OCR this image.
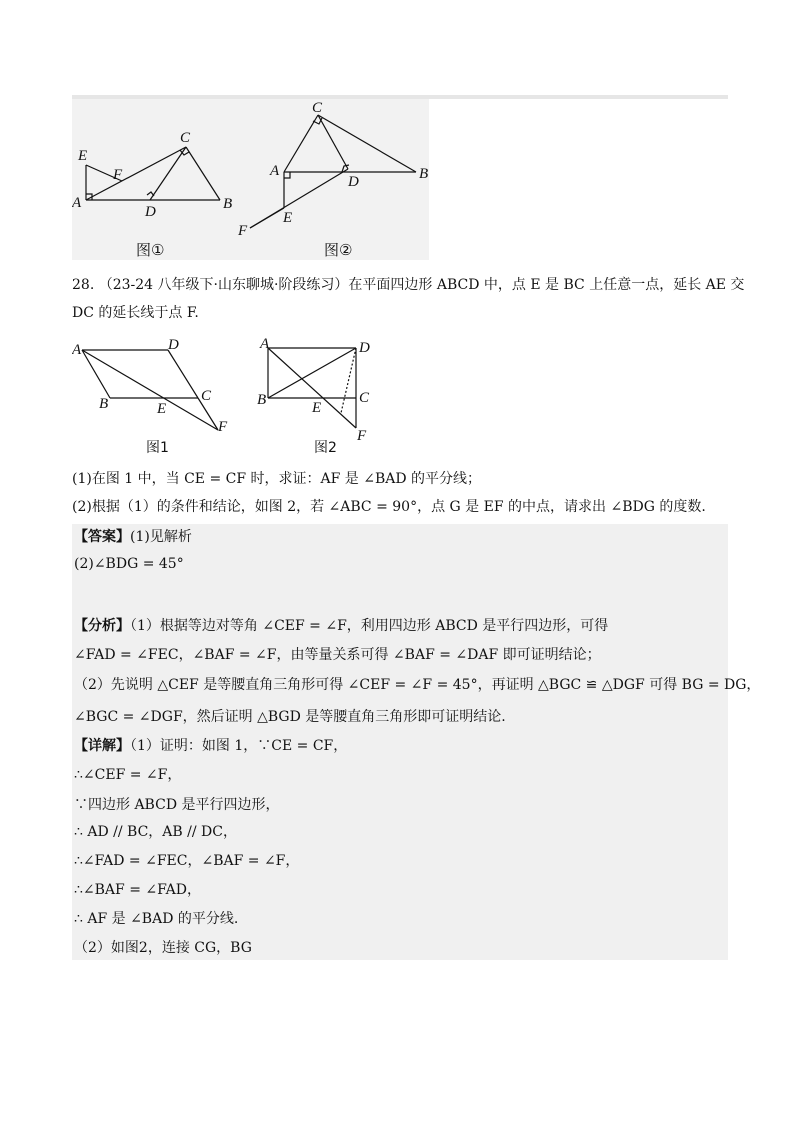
E
F
C
A
D	B
C
A
D	B
E
F
图①	图②
28. （23-24 八年级下·山东聊城·阶段练习）在平面四边形 ABCD 中，点 E 是 BC 上任意一点，延长 AE 交
DC 的延长线于点 F.
A	D
B	E
C
F
A	D
B	E
C
F
图1	图2
(1)在图 1 中，当 CE = CF 时，求证：AF 是 ∠BAD 的平分线；
(2)根据（1）的条件和结论，如图 2，若 ∠ABC = 90°，点 G 是 EF 的中点，请求出 ∠BDG 的度数.
【答案】(1)见解析
(2)∠BDG = 45°
【分析】（1）根据等边对等角 ∠CEF = ∠F，利用四边形 ABCD 是平行四边形，可得
∠FAD = ∠FEC，∠BAF = ∠F，由等量关系可得 ∠BAF = ∠DAF 即可证明结论；
（2）先说明 △CEF 是等腰直角三角形可得 ∠CEF = ∠F = 45°，再证明 △BGC ≌ △DGF 可得 BG = DG，
∠BGC = ∠DGF，然后证明 △BGD 是等腰直角三角形即可证明结论.
【详解】（1）证明：如图 1，∵CE = CF，
∴∠CEF = ∠F，
∵四边形 ABCD 是平行四边形，
∴ AD // BC，AB // DC，
∴∠FAD = ∠FEC，∠BAF = ∠F，
∴∠BAF = ∠FAD，
∴ AF 是 ∠BAD 的平分线.
（2）如图2，连接 CG，BG
